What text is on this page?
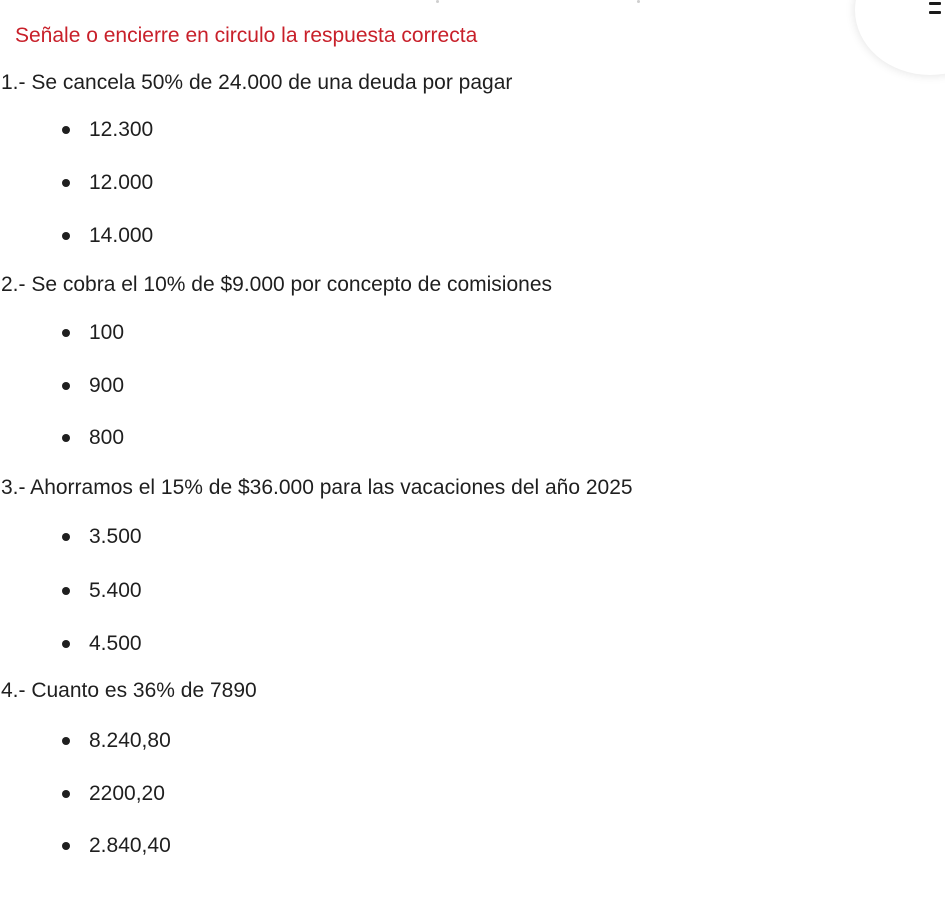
Señale o encierre en circulo la respuesta correcta
1.- Se cancela 50% de 24.000 de una deuda por pagar
12.300
12.000
14.000
2.- Se cobra el 10% de $9.000 por concepto de comisiones
100
900
800
3.- Ahorramos el 15% de $36.000 para las vacaciones del año 2025
3.500
5.400
4.500
4.- Cuanto es 36% de 7890
8.240,80
2200,20
2.840,40
